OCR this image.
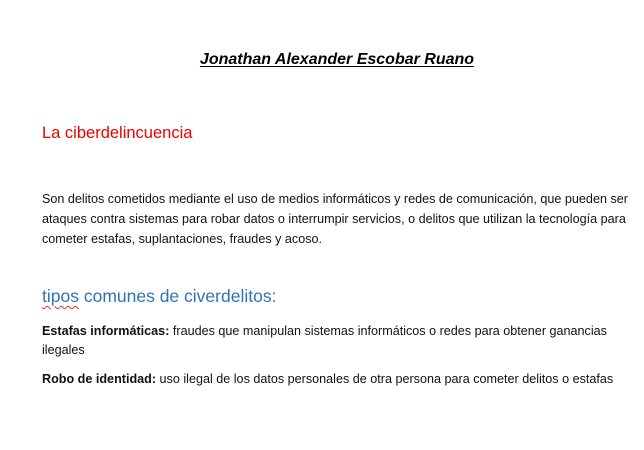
Jonathan Alexander Escobar Ruano
La ciberdelincuencia
Son delitos cometidos mediante el uso de medios informáticos y redes de comunicación, que pueden ser ataques contra sistemas para robar datos o interrumpir servicios, o delitos que utilizan la tecnología para cometer estafas, suplantaciones, fraudes y acoso.
tipos comunes de civerdelitos:
Estafas informáticas: fraudes que manipulan sistemas informáticos o redes para obtener ganancias ilegales
Robo de identidad: uso ilegal de los datos personales de otra persona para cometer delitos o estafas
